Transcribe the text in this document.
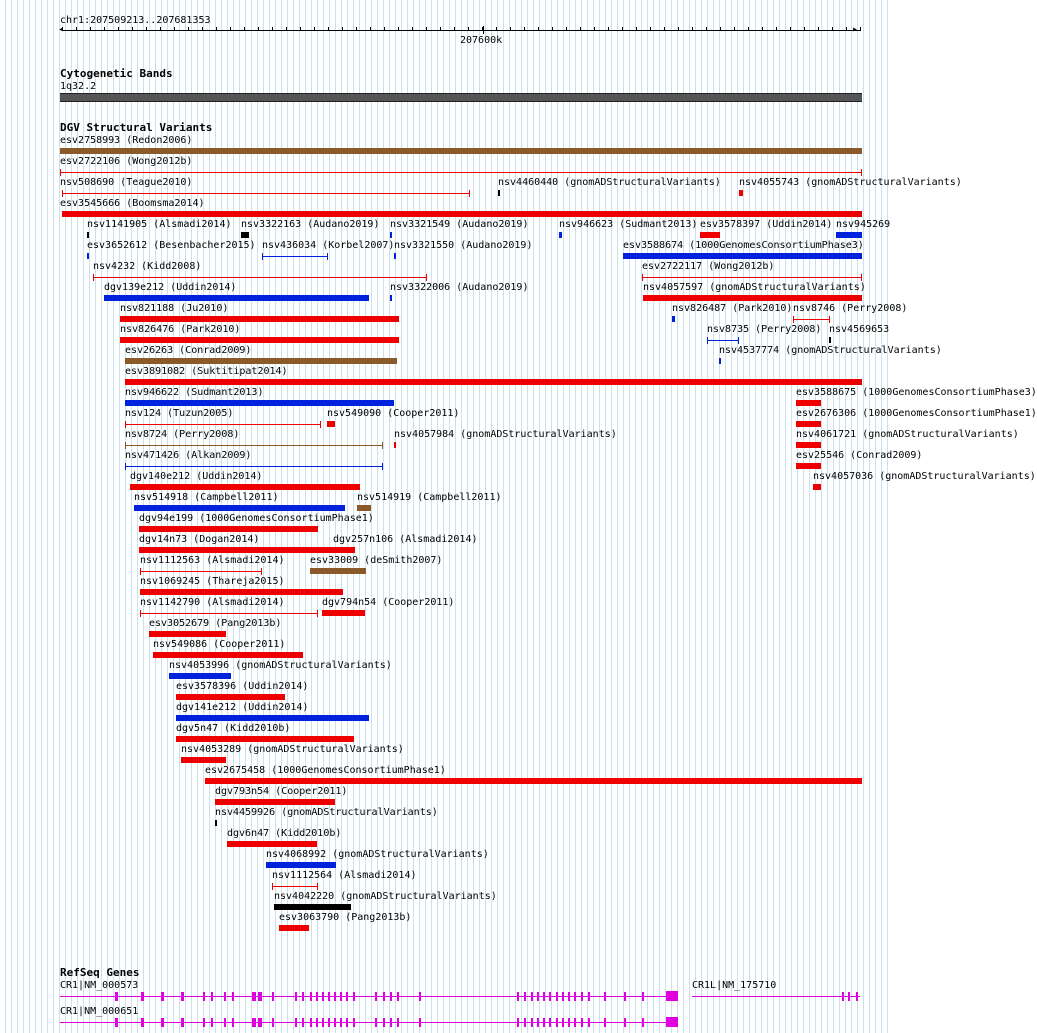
chr1:207509213..207681353
207600k
Cytogenetic Bands
1q32.2
DGV Structural Variants
esv2758993 (Redon2006)
esv2722106 (Wong2012b)
nsv508690 (Teague2010)	nsv4460440 (gnomADStructuralVariants) nsv4055743 (gnomADStructuralVariants)
esv3545666 (Boomsma2014)
nsv1141905 (Alsmadi2014) nsv3322163 (Audano2019) nsv3321549 (Audano2019)	nsv946623 (Sudmant2013) esv3578397 (Uddin2014) nsv945269
esv3652612 (Besenbacher2015) nsv436034 (Korbel2007) nsv3321550 (Audano2019)	esv3588674 (1000GenomesConsortiumPhase3)
nsv4232 (Kidd2008)	esv2722117 (Wong2012b)
dgv139e212 (Uddin2014)	nsv3322006 (Audano2019)	nsv4057597 (gnomADStructuralVariants)
nsv821188 (Ju2010)	nsv826487 (Park2010) nsv8746 (Perry2008)
nsv826476 (Park2010)	nsv8735 (Perry2008) nsv4569653
esv26263 (Conrad2009)	nsv4537774 (gnomADStructuralVariants)
esv3891082 (Suktitipat2014)
nsv946622 (Sudmant2013)	esv3588675 (1000GenomesConsortiumPhase3)
nsv124 (Tuzun2005)	nsv549090 (Cooper2011)	esv2676306 (1000GenomesConsortiumPhase1)
nsv8724 (Perry2008)	nsv4057984 (gnomADStructuralVariants)	nsv4061721 (gnomADStructuralVariants)
nsv471426 (Alkan2009)	esv25546 (Conrad2009)
dgv140e212 (Uddin2014)	nsv4057036 (gnomADStructuralVariants)
nsv514918 (Campbell2011)	nsv514919 (Campbell2011)
dgv94e199 (1000GenomesConsortiumPhase1)
dgv14n73 (Dogan2014)	dgv257n106 (Alsmadi2014)
nsv1112563 (Alsmadi2014)	esv33009 (deSmith2007)
nsv1069245 (Thareja2015)
nsv1142790 (Alsmadi2014)	dgv794n54 (Cooper2011)
esv3052679 (Pang2013b)
nsv549086 (Cooper2011)
nsv4053996 (gnomADStructuralVariants)
esv3578396 (Uddin2014)
dgv141e212 (Uddin2014)
dgv5n47 (Kidd2010b)
nsv4053289 (gnomADStructuralVariants)
esv2675458 (1000GenomesConsortiumPhase1)
dgv793n54 (Cooper2011)
nsv4459926 (gnomADStructuralVariants)
dgv6n47 (Kidd2010b)
nsv4068992 (gnomADStructuralVariants)
nsv1112564 (Alsmadi2014)
nsv4042220 (gnomADStructuralVariants)
esv3063790 (Pang2013b)
RefSeq Genes
CR1|NM_000573	CR1L|NM_175710
CR1|NM_000651
◂	▸
